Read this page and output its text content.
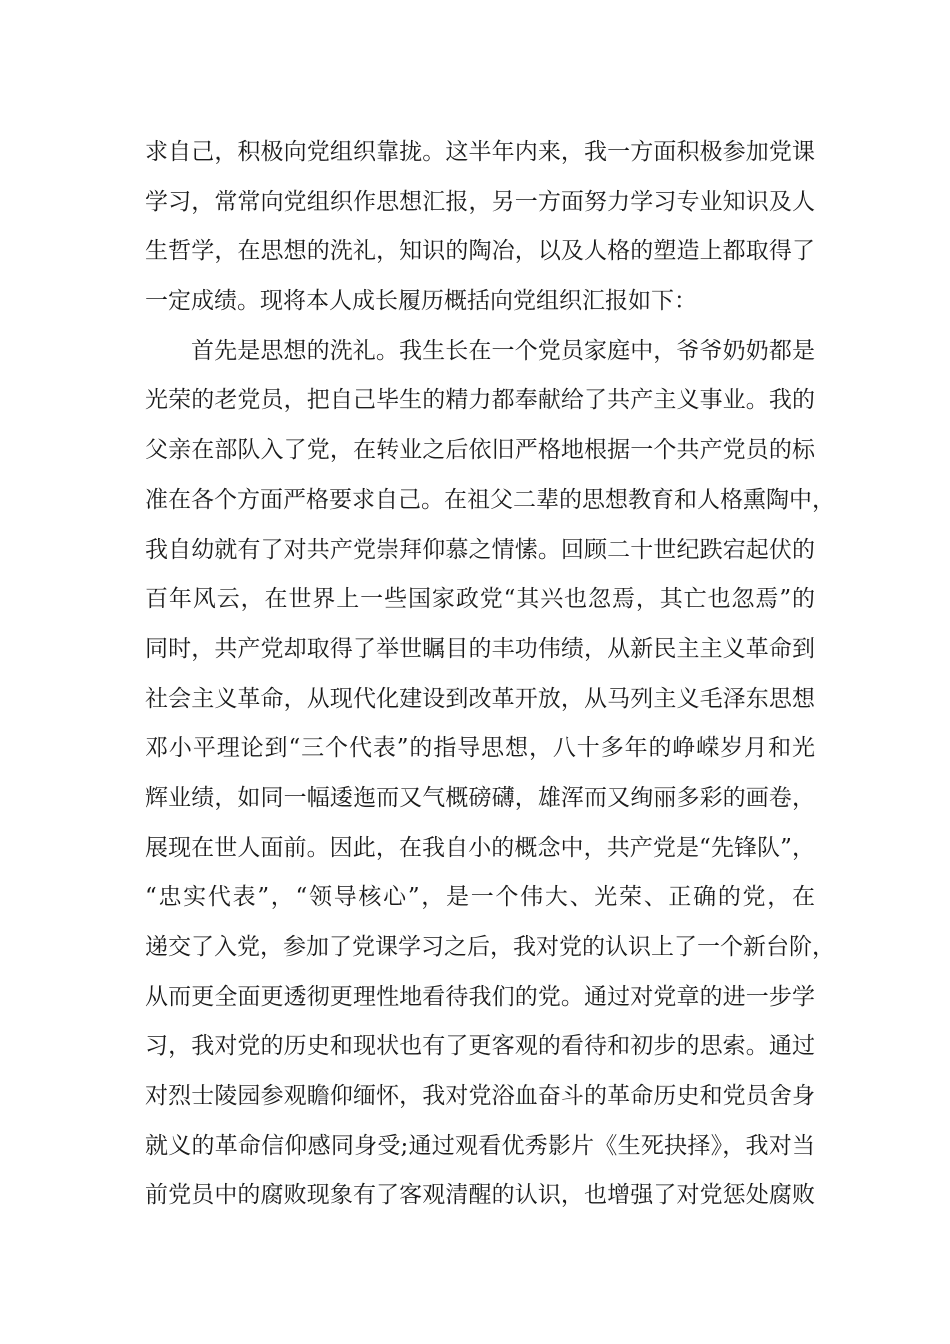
求自己，积极向党组织靠拢。这半年内来，我一方面积极参加党课
学习，常常向党组织作思想汇报，另一方面努力学习专业知识及人
生哲学，在思想的洗礼，知识的陶冶，以及人格的塑造上都取得了
一定成绩。现将本人成长履历概括向党组织汇报如下：
首先是思想的洗礼。我生长在一个党员家庭中，爷爷奶奶都是
光荣的老党员，把自己毕生的精力都奉献给了共产主义事业。我的
父亲在部队入了党，在转业之后依旧严格地根据一个共产党员的标
准在各个方面严格要求自己。在祖父二辈的思想教育和人格熏陶中，
我自幼就有了对共产党崇拜仰慕之情愫。回顾二十世纪跌宕起伏的
百年风云，在世界上一些国家政党“其兴也忽焉，其亡也忽焉”的
同时，共产党却取得了举世瞩目的丰功伟绩，从新民主主义革命到
社会主义革命，从现代化建设到改革开放，从马列主义毛泽东思想
邓小平理论到“三个代表”的指导思想，八十多年的峥嵘岁月和光
辉业绩，如同一幅逶迤而又气概磅礴，雄浑而又绚丽多彩的画卷，
展现在世人面前。因此，在我自小的概念中，共产党是“先锋队”，
“忠实代表”，“领导核心”，是一个伟大、光荣、正确的党，在
递交了入党，参加了党课学习之后，我对党的认识上了一个新台阶，
从而更全面更透彻更理性地看待我们的党。通过对党章的进一步学
习，我对党的历史和现状也有了更客观的看待和初步的思索。通过
对烈士陵园参观瞻仰缅怀，我对党浴血奋斗的革命历史和党员舍身
就义的革命信仰感同身受;通过观看优秀影片《生死抉择》，我对当
前党员中的腐败现象有了客观清醒的认识，也增强了对党惩处腐败
